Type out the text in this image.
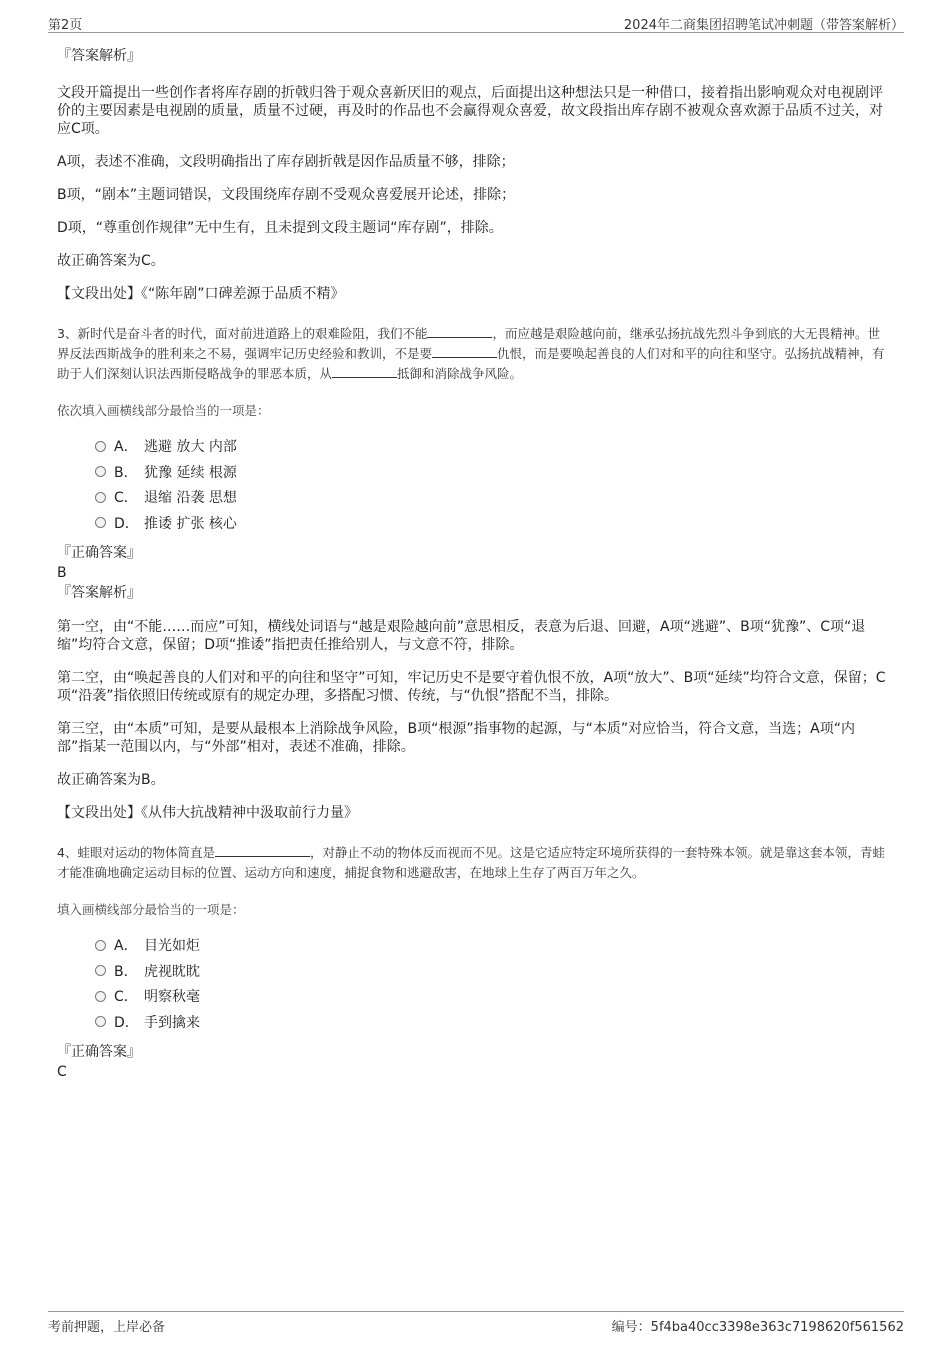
第2页	2024年二商集团招聘笔试冲刺题（带答案解析）
『答案解析』

文段开篇提出一些创作者将库存剧的折戟归咎于观众喜新厌旧的观点，后面提出这种想法只是一种借口，接着指出影响观众对电视剧评价的主要因素是电视剧的质量，质量不过硬，再及时的作品也不会赢得观众喜爱，故文段指出库存剧不被观众喜欢源于品质不过关，对应C项。

A项，表述不准确，文段明确指出了库存剧折戟是因作品质量不够，排除；

B项，“剧本”主题词错误，文段围绕库存剧不受观众喜爱展开论述，排除；

D项，“尊重创作规律”无中生有，且未提到文段主题词“库存剧”，排除。

故正确答案为C。

【文段出处】《“陈年剧”口碑差源于品质不精》

3、新时代是奋斗者的时代，面对前进道路上的艰难险阻，我们不能	，而应越是艰险越向前，继承弘扬抗战先烈斗争到底的大无畏精神。世界反法西斯战争的胜利来之不易，强调牢记历史经验和教训，不是要	仇恨，而是要唤起善良的人们对和平的向往和坚守。弘扬抗战精神，有助于人们深刻认识法西斯侵略战争的罪恶本质，从	抵御和消除战争风险。

依次填入画横线部分最恰当的一项是：
A． 逃避 放大 内部
B． 犹豫 延续 根源
C． 退缩 沿袭 思想
D． 推诿 扩张 核心
『正确答案』
B
『答案解析』

第一空，由“不能……而应”可知，横线处词语与“越是艰险越向前”意思相反，表意为后退、回避，A项“逃避”、B项“犹豫”、C项“退缩”均符合文意，保留；D项“推诿”指把责任推给别人，与文意不符，排除。

第二空，由“唤起善良的人们对和平的向往和坚守”可知，牢记历史不是要守着仇恨不放，A项“放大”、B项“延续”均符合文意，保留；C项“沿袭”指依照旧传统或原有的规定办理，多搭配习惯、传统，与“仇恨”搭配不当，排除。

第三空，由“本质”可知，是要从最根本上消除战争风险，B项“根源”指事物的起源，与“本质”对应恰当，符合文意，当选；A项“内部”指某一范围以内，与“外部”相对，表述不准确，排除。

故正确答案为B。

【文段出处】《从伟大抗战精神中汲取前行力量》

4、蛙眼对运动的物体简直是	，对静止不动的物体反而视而不见。这是它适应特定环境所获得的一套特殊本领。就是靠这套本领，青蛙才能准确地确定运动目标的位置、运动方向和速度，捕捉食物和逃避敌害，在地球上生存了两百万年之久。

填入画横线部分最恰当的一项是：
A． 目光如炬
B． 虎视眈眈
C． 明察秋毫
D． 手到擒来
『正确答案』
C
考前押题，上岸必备	编号：5f4ba40cc3398e363c7198620f561562
